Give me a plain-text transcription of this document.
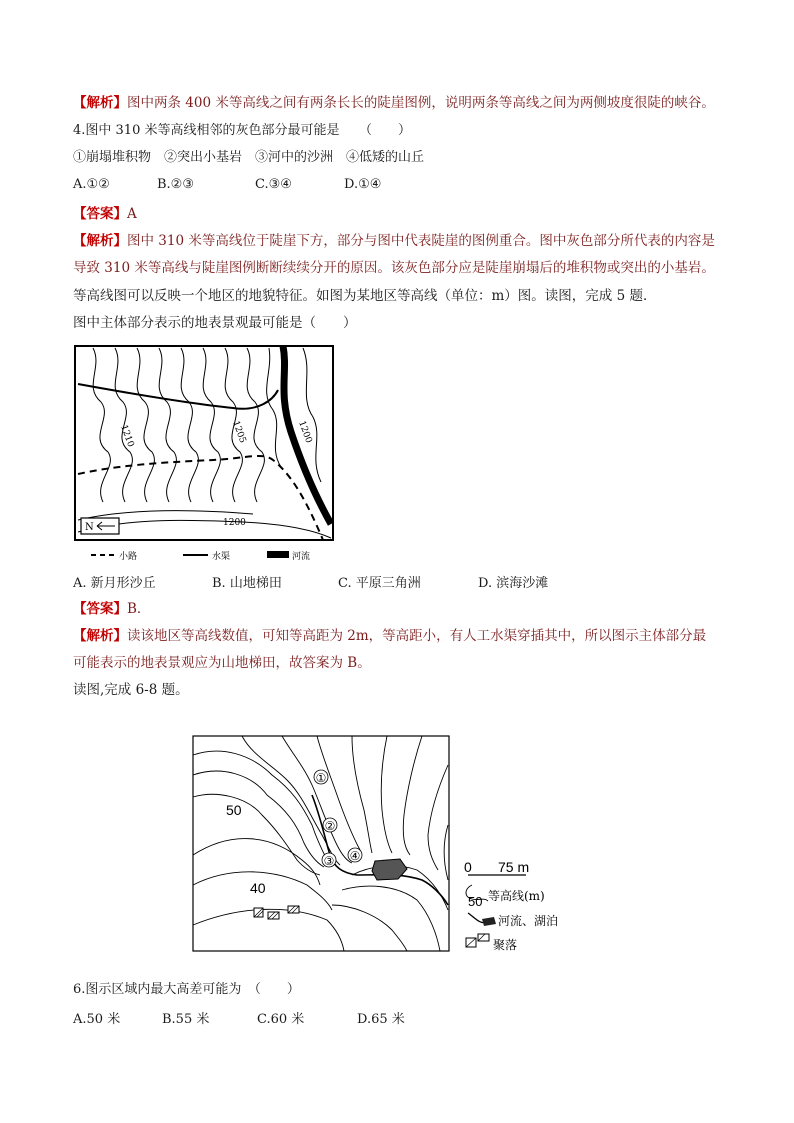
【解析】图中两条 400 米等高线之间有两条长长的陡崖图例，说明两条等高线之间为两侧坡度很陡的峡谷。
4.图中 310 米等高线相邻的灰色部分最可能是　　（　　）
①崩塌堆积物　②突出小基岩　③河中的沙洲　④低矮的山丘
A.①②	B.②③	C.③④	D.①④
【答案】A
【解析】图中 310 米等高线位于陡崖下方，部分与图中代表陡崖的图例重合。图中灰色部分所代表的内容是
导致 310 米等高线与陡崖图例断断续续分开的原因。该灰色部分应是陡崖崩塌后的堆积物或突出的小基岩。
等高线图可以反映一个地区的地貌特征。如图为某地区等高线（单位：m）图。读图，完成 5 题．
图中主体部分表示的地表景观最可能是（　　）
1210	1205	1200
1200
N
小路	水渠	河流
A. 新月形沙丘	B. 山地梯田	C. 平原三角洲	D. 滨海沙滩
【答案】B．
【解析】读该地区等高线数值，可知等高距为 2m，等高距小，有人工水渠穿插其中，所以图示主体部分最
可能表示的地表景观应为山地梯田，故答案为 B。
读图,完成 6-8 题。
①
②
③ ④
50
40
0 75 m
50 等高线(m)
河流、湖泊
聚落
6.图示区域内最大高差可能为　（　　）
A.50 米	B.55 米	C.60 米	D.65 米
